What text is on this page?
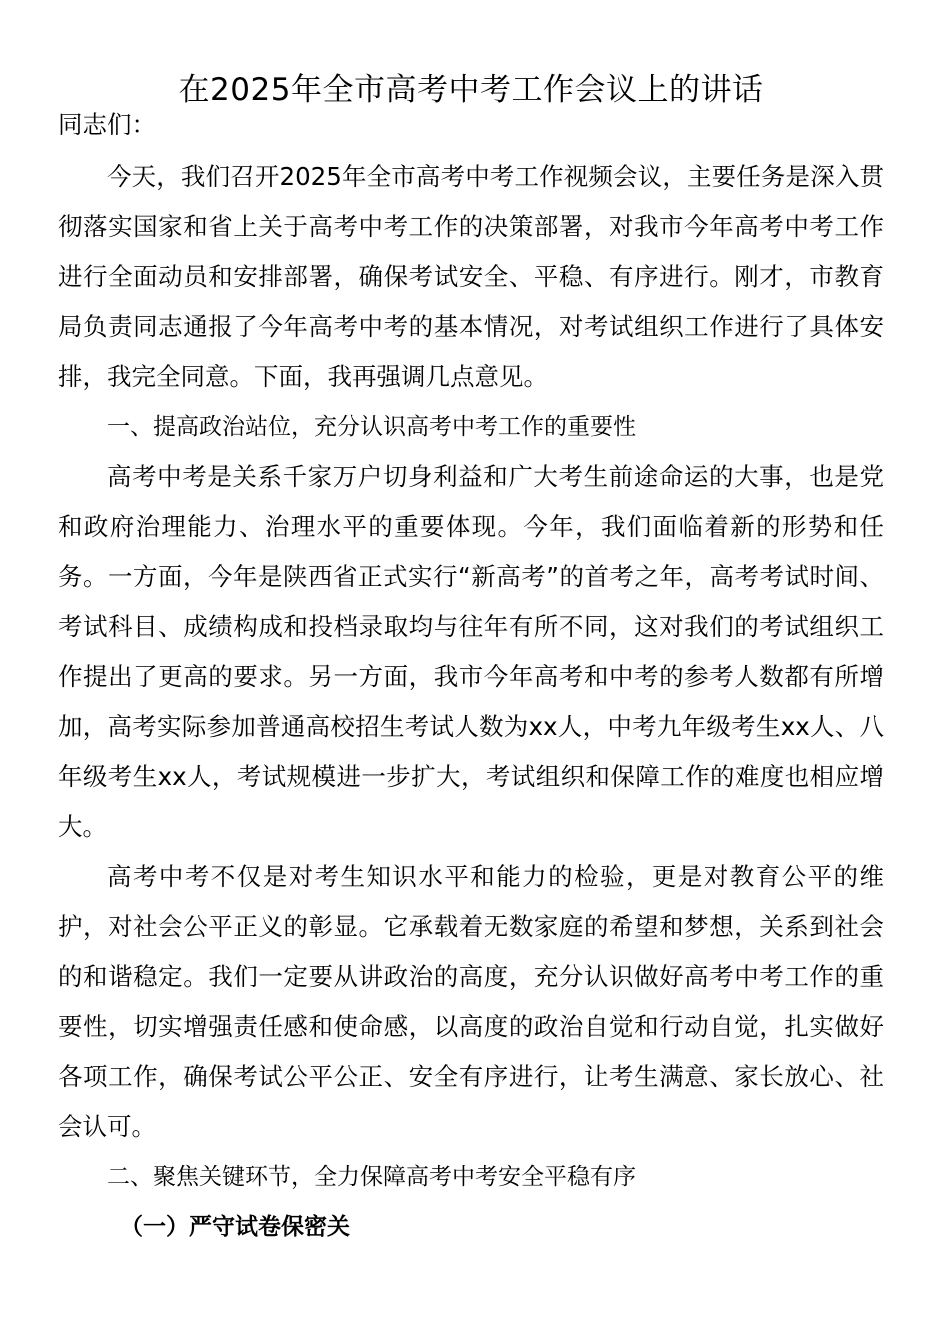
在2025年全市高考中考工作会议上的讲话

同志们：

今天，我们召开2025年全市高考中考工作视频会议，主要任务是深入贯彻落实国家和省上关于高考中考工作的决策部署，对我市今年高考中考工作进行全面动员和安排部署，确保考试安全、平稳、有序进行。刚才，市教育局负责同志通报了今年高考中考的基本情况，对考试组织工作进行了具体安排，我完全同意。下面，我再强调几点意见。

一、提高政治站位，充分认识高考中考工作的重要性

高考中考是关系千家万户切身利益和广大考生前途命运的大事，也是党和政府治理能力、治理水平的重要体现。今年，我们面临着新的形势和任务。一方面，今年是陕西省正式实行“新高考”的首考之年，高考考试时间、考试科目、成绩构成和投档录取均与往年有所不同，这对我们的考试组织工作提出了更高的要求。另一方面，我市今年高考和中考的参考人数都有所增加，高考实际参加普通高校招生考试人数为xx人，中考九年级考生xx人、八年级考生xx人，考试规模进一步扩大，考试组织和保障工作的难度也相应增大。

高考中考不仅是对考生知识水平和能力的检验，更是对教育公平的维护，对社会公平正义的彰显。它承载着无数家庭的希望和梦想，关系到社会的和谐稳定。我们一定要从讲政治的高度，充分认识做好高考中考工作的重要性，切实增强责任感和使命感，以高度的政治自觉和行动自觉，扎实做好各项工作，确保考试公平公正、安全有序进行，让考生满意、家长放心、社会认可。

二、聚焦关键环节，全力保障高考中考安全平稳有序

（一）严守试卷保密关
